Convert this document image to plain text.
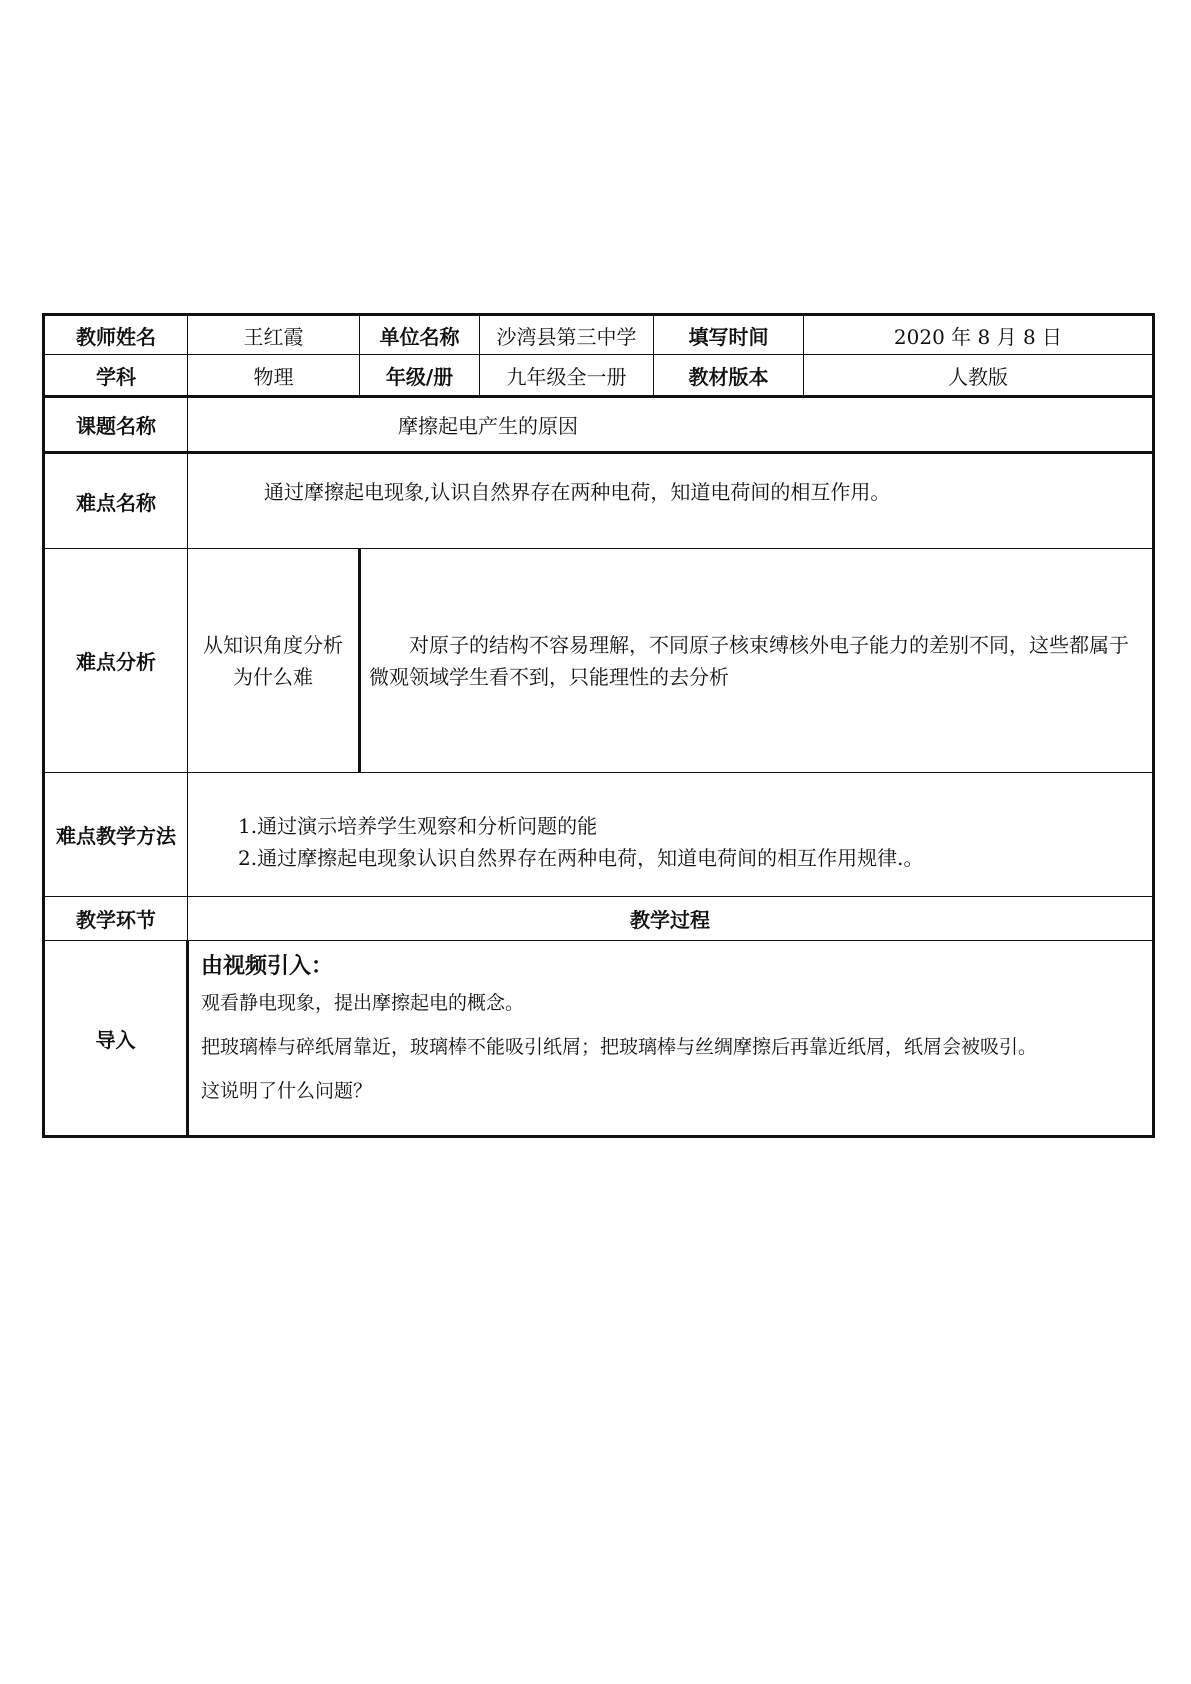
教师姓名	王红霞	单位名称	沙湾县第三中学	填写时间	2020 年 8 月 8 日
学科	物理	年级/册	九年级全一册	教材版本	人教版
课题名称	摩擦起电产生的原因				
难点名称	通过摩擦起电现象,认识自然界存在两种电荷，知道电荷间的相互作用。				
难点分析	从知识角度分析为什么难	对原子的结构不容易理解，不同原子核束缚核外电子能力的差别不同，这些都属于微观领域学生看不到，只能理性的去分析			
难点教学方法	1.通过演示培养学生观察和分析问题的能
2.通过摩擦起电现象认识自然界存在两种电荷，知道电荷间的相互作用规律.。				

教学环节	教学过程				
导入	由视频引入：
观看静电现象，提出摩擦起电的概念。
把玻璃棒与碎纸屑靠近，玻璃棒不能吸引纸屑；把玻璃棒与丝绸摩擦后再靠近纸屑，纸屑会被吸引。
这说明了什么问题？				
